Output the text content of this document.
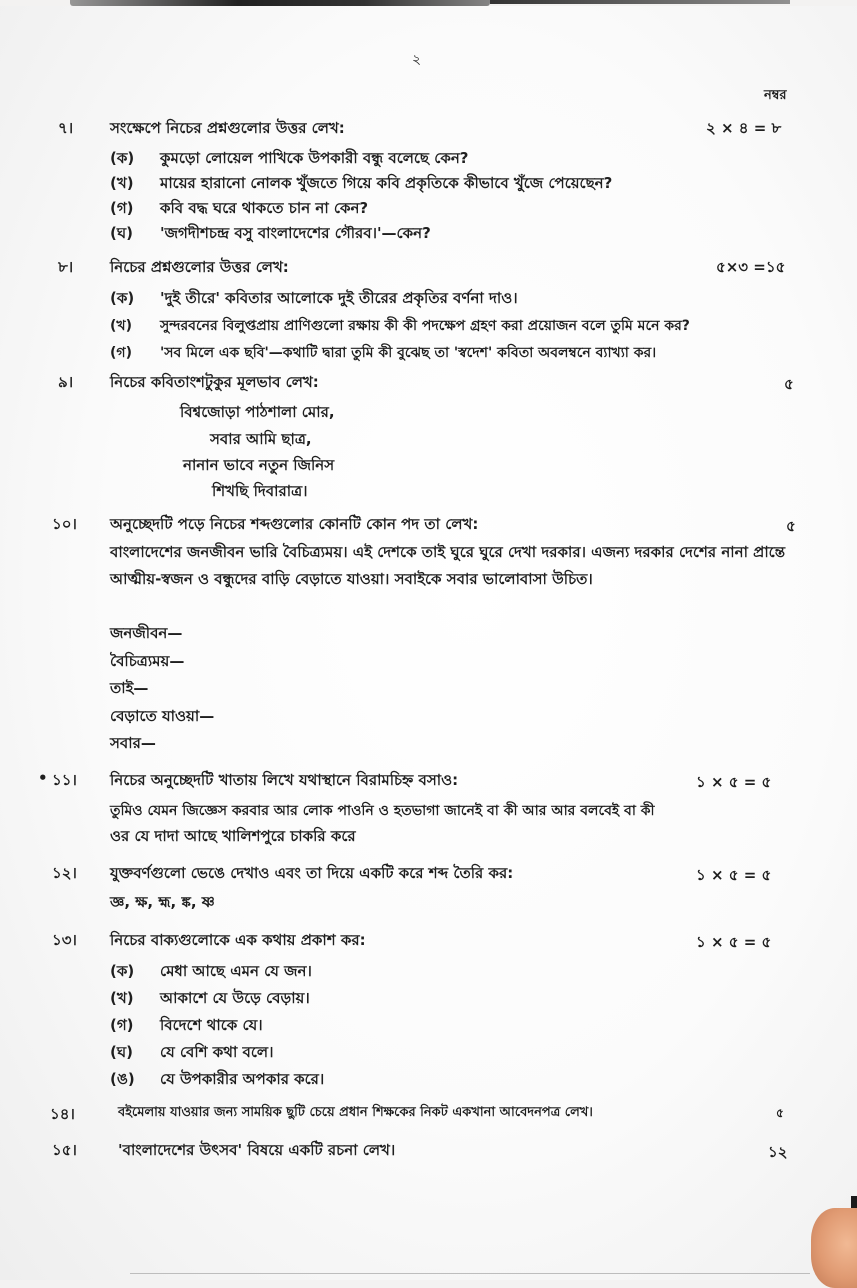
২
নম্বর
৭। সংক্ষেপে নিচের প্রশ্নগুলোর উত্তর লেখ:	২ × ৪ = ৮
(ক) কুমড়ো লোয়েল পাখিকে উপকারী বন্ধু বলেছে কেন?
(খ) মায়ের হারানো নোলক খুঁজতে গিয়ে কবি প্রকৃতিকে কীভাবে খুঁজে পেয়েছেন?
(গ) কবি বদ্ধ ঘরে থাকতে চান না কেন?
(ঘ) 'জগদীশচন্দ্র বসু বাংলাদেশের গৌরব।'—কেন?
৮। নিচের প্রশ্নগুলোর উত্তর লেখ:	৫×৩ =১৫
(ক) 'দুই তীরে' কবিতার আলোকে দুই তীরের প্রকৃতির বর্ণনা দাও।
(খ) সুন্দরবনের বিলুপ্তপ্রায় প্রাণিগুলো রক্ষায় কী কী পদক্ষেপ গ্রহণ করা প্রয়োজন বলে তুমি মনে কর?
(গ) 'সব মিলে এক ছবি'—কথাটি দ্বারা তুমি কী বুঝেছ তা 'স্বদেশ' কবিতা অবলম্বনে ব্যাখ্যা কর।
৯। নিচের কবিতাংশটুকুর মূলভাব লেখ:	৫
বিশ্বজোড়া পাঠশালা মোর,
সবার আমি ছাত্র,
নানান ভাবে নতুন জিনিস
শিখছি দিবারাত্র।
১০। অনুচ্ছেদটি পড়ে নিচের শব্দগুলোর কোনটি কোন পদ তা লেখ:	৫
বাংলাদেশের জনজীবন ভারি বৈচিত্র্যময়। এই দেশকে তাই ঘুরে ঘুরে দেখা দরকার। এজন্য দরকার দেশের নানা প্রান্তে আত্মীয়-স্বজন ও বন্ধুদের বাড়ি বেড়াতে যাওয়া। সবাইকে সবার ভালোবাসা উচিত।
জনজীবন—
বৈচিত্র্যময়—
তাই—
বেড়াতে যাওয়া—
সবার—
• ১১। নিচের অনুচ্ছেদটি খাতায় লিখে যথাস্থানে বিরামচিহ্ন বসাও:	১ × ৫ = ৫
তুমিও যেমন জিজ্ঞেস করবার আর লোক পাওনি ও হতভাগা জানেই বা কী আর আর বলবেই বা কী
ওর যে দাদা আছে খালিশপুরে চাকরি করে
১২। যুক্তবর্ণগুলো ভেঙে দেখাও এবং তা দিয়ে একটি করে শব্দ তৈরি কর:	১ × ৫ = ৫
জ্ঞ, ক্ষ, হ্ম, ঙ্ক, ষ্ণ
১৩। নিচের বাক্যগুলোকে এক কথায় প্রকাশ কর:	১ × ৫ = ৫
(ক) মেধা আছে এমন যে জন।
(খ) আকাশে যে উড়ে বেড়ায়।
(গ) বিদেশে থাকে যে।
(ঘ) যে বেশি কথা বলে।
(ঙ) যে উপকারীর অপকার করে।
১৪।	বইমেলায় যাওয়ার জন্য সাময়িক ছুটি চেয়ে প্রধান শিক্ষকের নিকট একখানা আবেদনপত্র লেখ।	৫
১৫।	'বাংলাদেশের উৎসব' বিষয়ে একটি রচনা লেখ।	১২
